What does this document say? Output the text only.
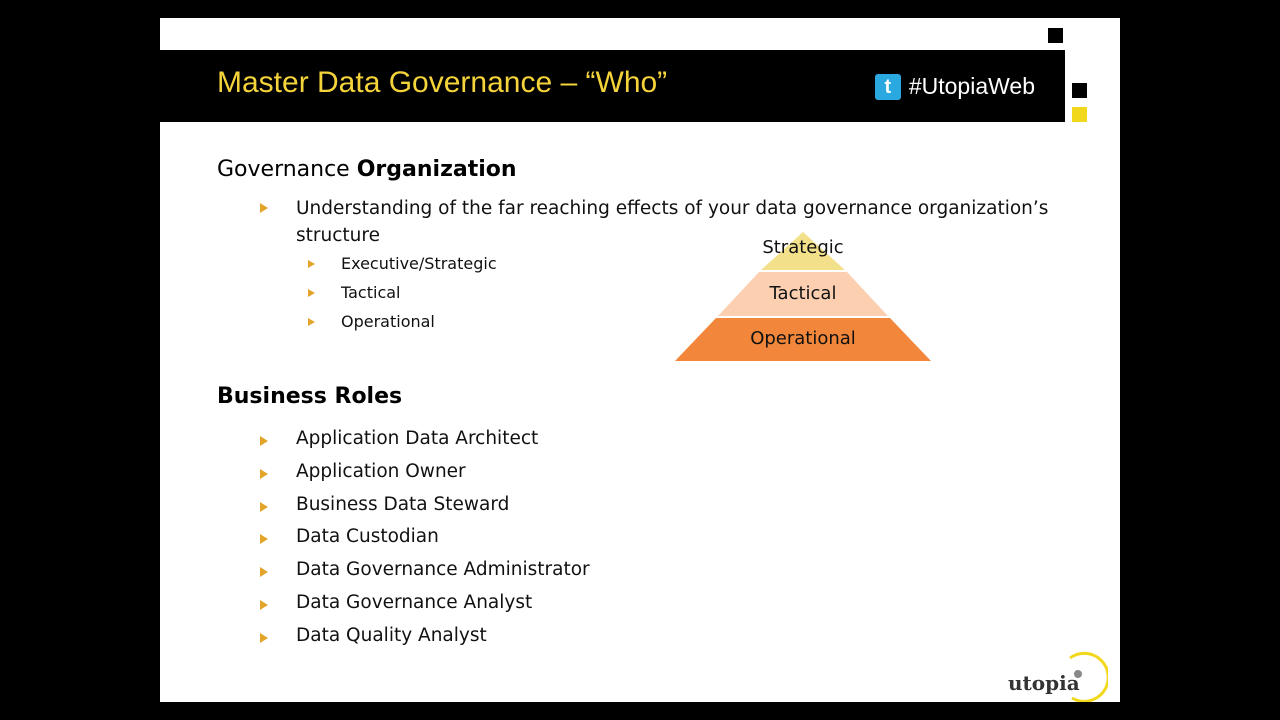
Master Data Governance – “Who”	t #UtopiaWeb
Governance Organization
Understanding of the far reaching effects of your data governance organization’s
structure
Executive/Strategic
Tactical
Operational
Strategic
Tactical
Operational
Business Roles
Application Data Architect
Application Owner
Business Data Steward
Data Custodian
Data Governance Administrator
Data Governance Analyst
Data Quality Analyst
utopia
